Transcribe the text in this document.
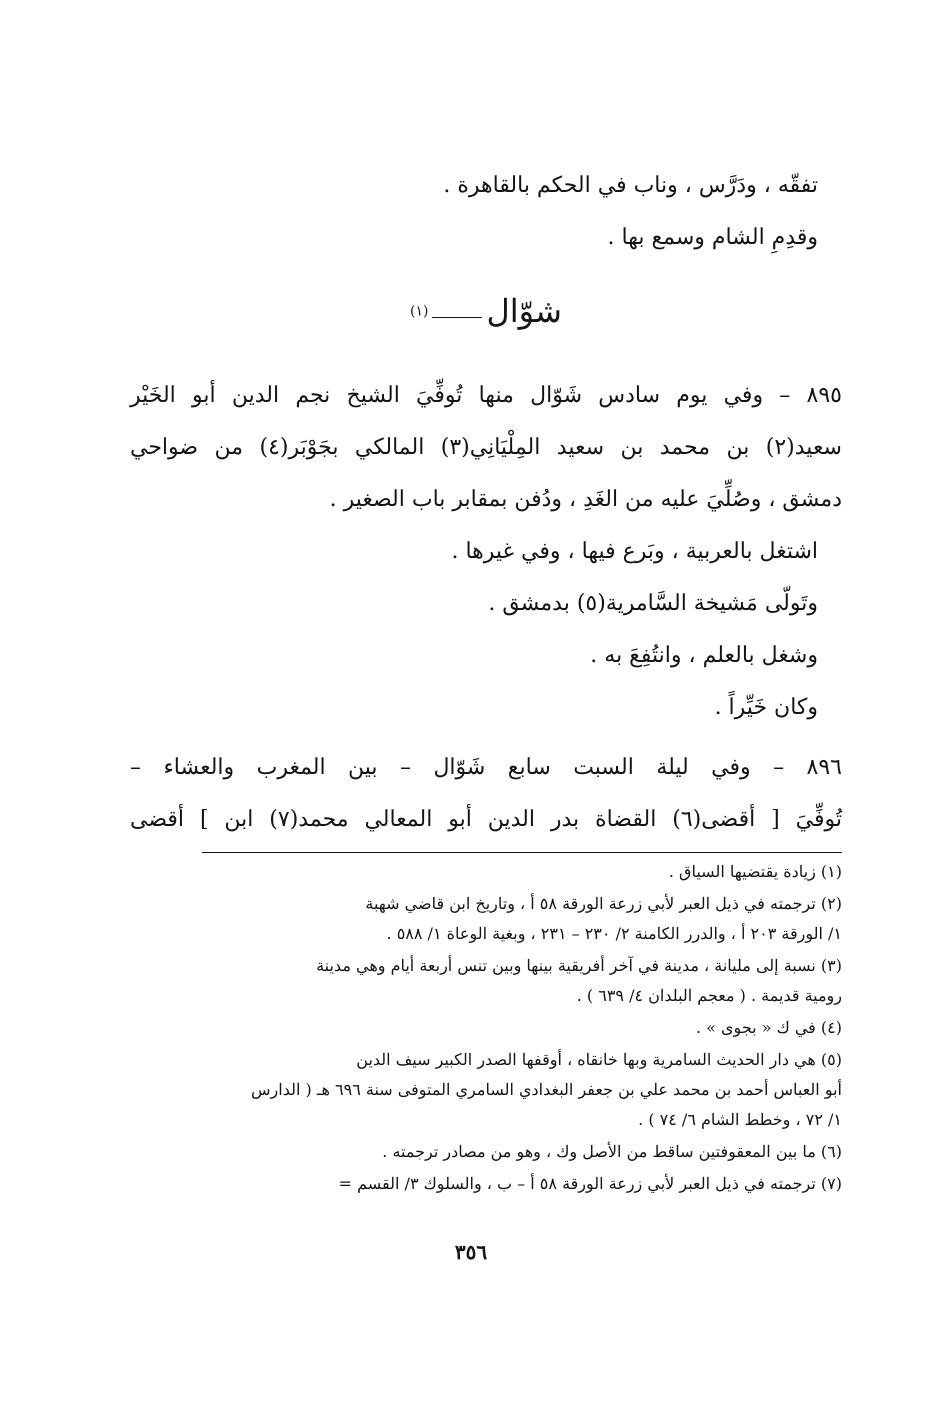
تفقّه ، ودَرَّس ، وناب في الحكم بالقاهرة .

وقدِمِ الشام وسمع بها .

شوّال(١)

٨٩٥ – وفي يوم سادس شَوّال منها تُوفِّيَ الشيخ نجم الدين أبو الخَيْر

سعيد(٢) بن محمد بن سعيد المِلْيَانِي(٣) المالكي بجَوْبَر(٤) من ضواحي

دمشق ، وصُلِّيَ عليه من الغَدِ ، ودُفن بمقابر باب الصغير .

اشتغل بالعربية ، وبَرع فيها ، وفي غيرها .

وتَولّى مَشيخة السَّامرية(٥) بدمشق .

وشغل بالعلم ، وانتُفِعَ به .

وكان خَيِّراً .

٨٩٦ – وفي ليلة السبت سابع شَوّال – بين المغرب والعشاء –

تُوفِّيَ [ أقضى(٦) القضاة بدر الدين أبو المعالي محمد(٧) ابن ] أقضى

(١) زيادة يقتضيها السياق .
(٢) ترجمته في ذيل العبر لأبي زرعة الورقة ٥٨ أ ، وتاريخ ابن قاضي شهبة
١/ الورقة ٢٠٣ أ ، والدرر الكامنة ٢/ ٢٣٠ – ٢٣١ ، وبغية الوعاة ١/ ٥٨٨ .
(٣) نسبة إلى مليانة ، مدينة في آخر أفريقية بينها وبين تنس أربعة أيام وهي مدينة
رومية قديمة . ( معجم البلدان ٤/ ٦٣٩ ) .
(٤) في ك « بجوى » .
(٥) هي دار الحديث السامرية وبها خانقاه ، أوقفها الصدر الكبير سيف الدين
أبو العباس أحمد بن محمد علي بن جعفر البغدادي السامري المتوفى سنة ٦٩٦ هـ ( الدارس
١/ ٧٢ ، وخطط الشام ٦/ ٧٤ ) .
(٦) ما بين المعقوفتين ساقط من الأصل وك ، وهو من مصادر ترجمته .
(٧) ترجمته في ذيل العبر لأبي زرعة الورقة ٥٨ أ – ب ، والسلوك ٣/ القسم =
٣٥٦
